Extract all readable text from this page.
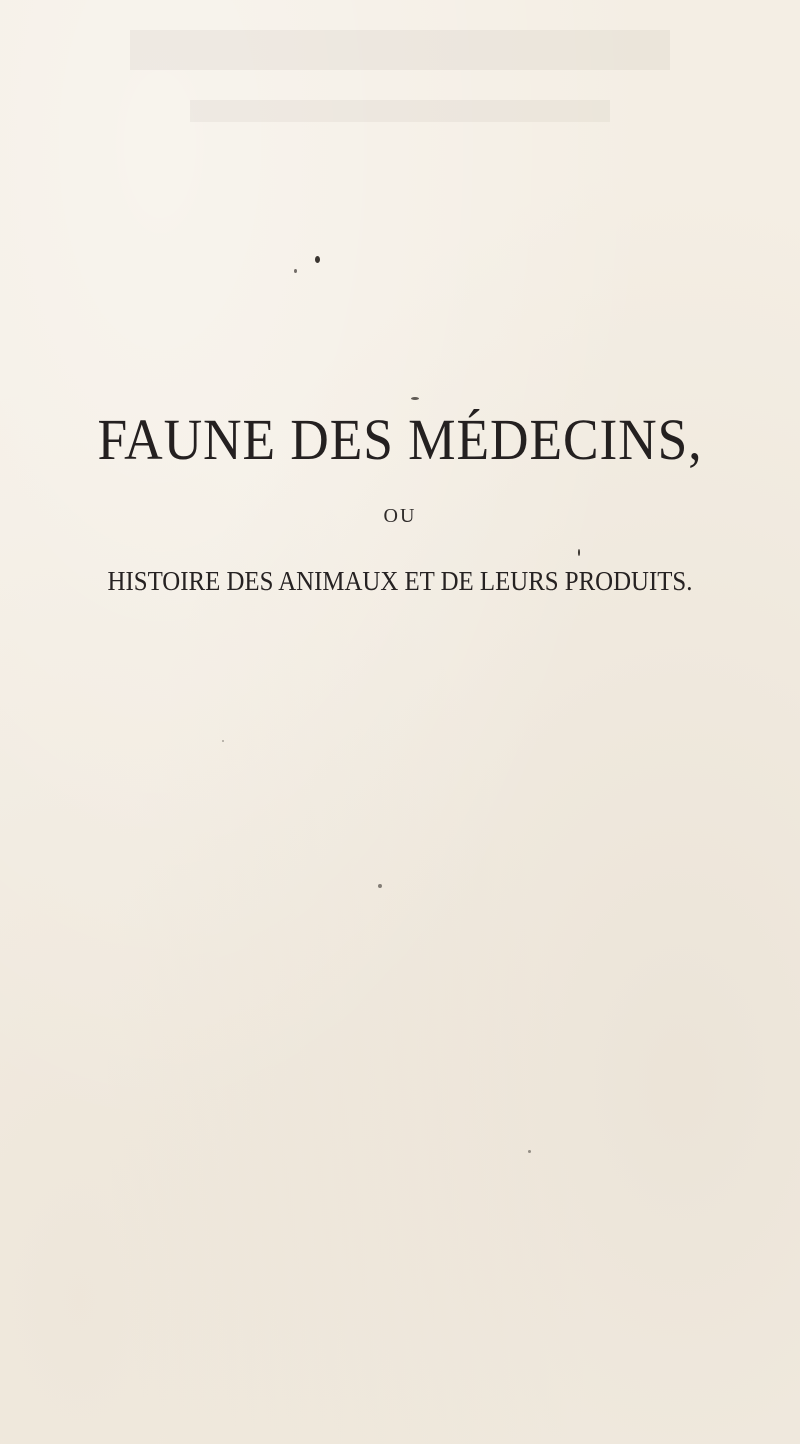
FAUNE DES MÉDECINS,

OU

HISTOIRE DES ANIMAUX ET DE LEURS PRODUITS.
